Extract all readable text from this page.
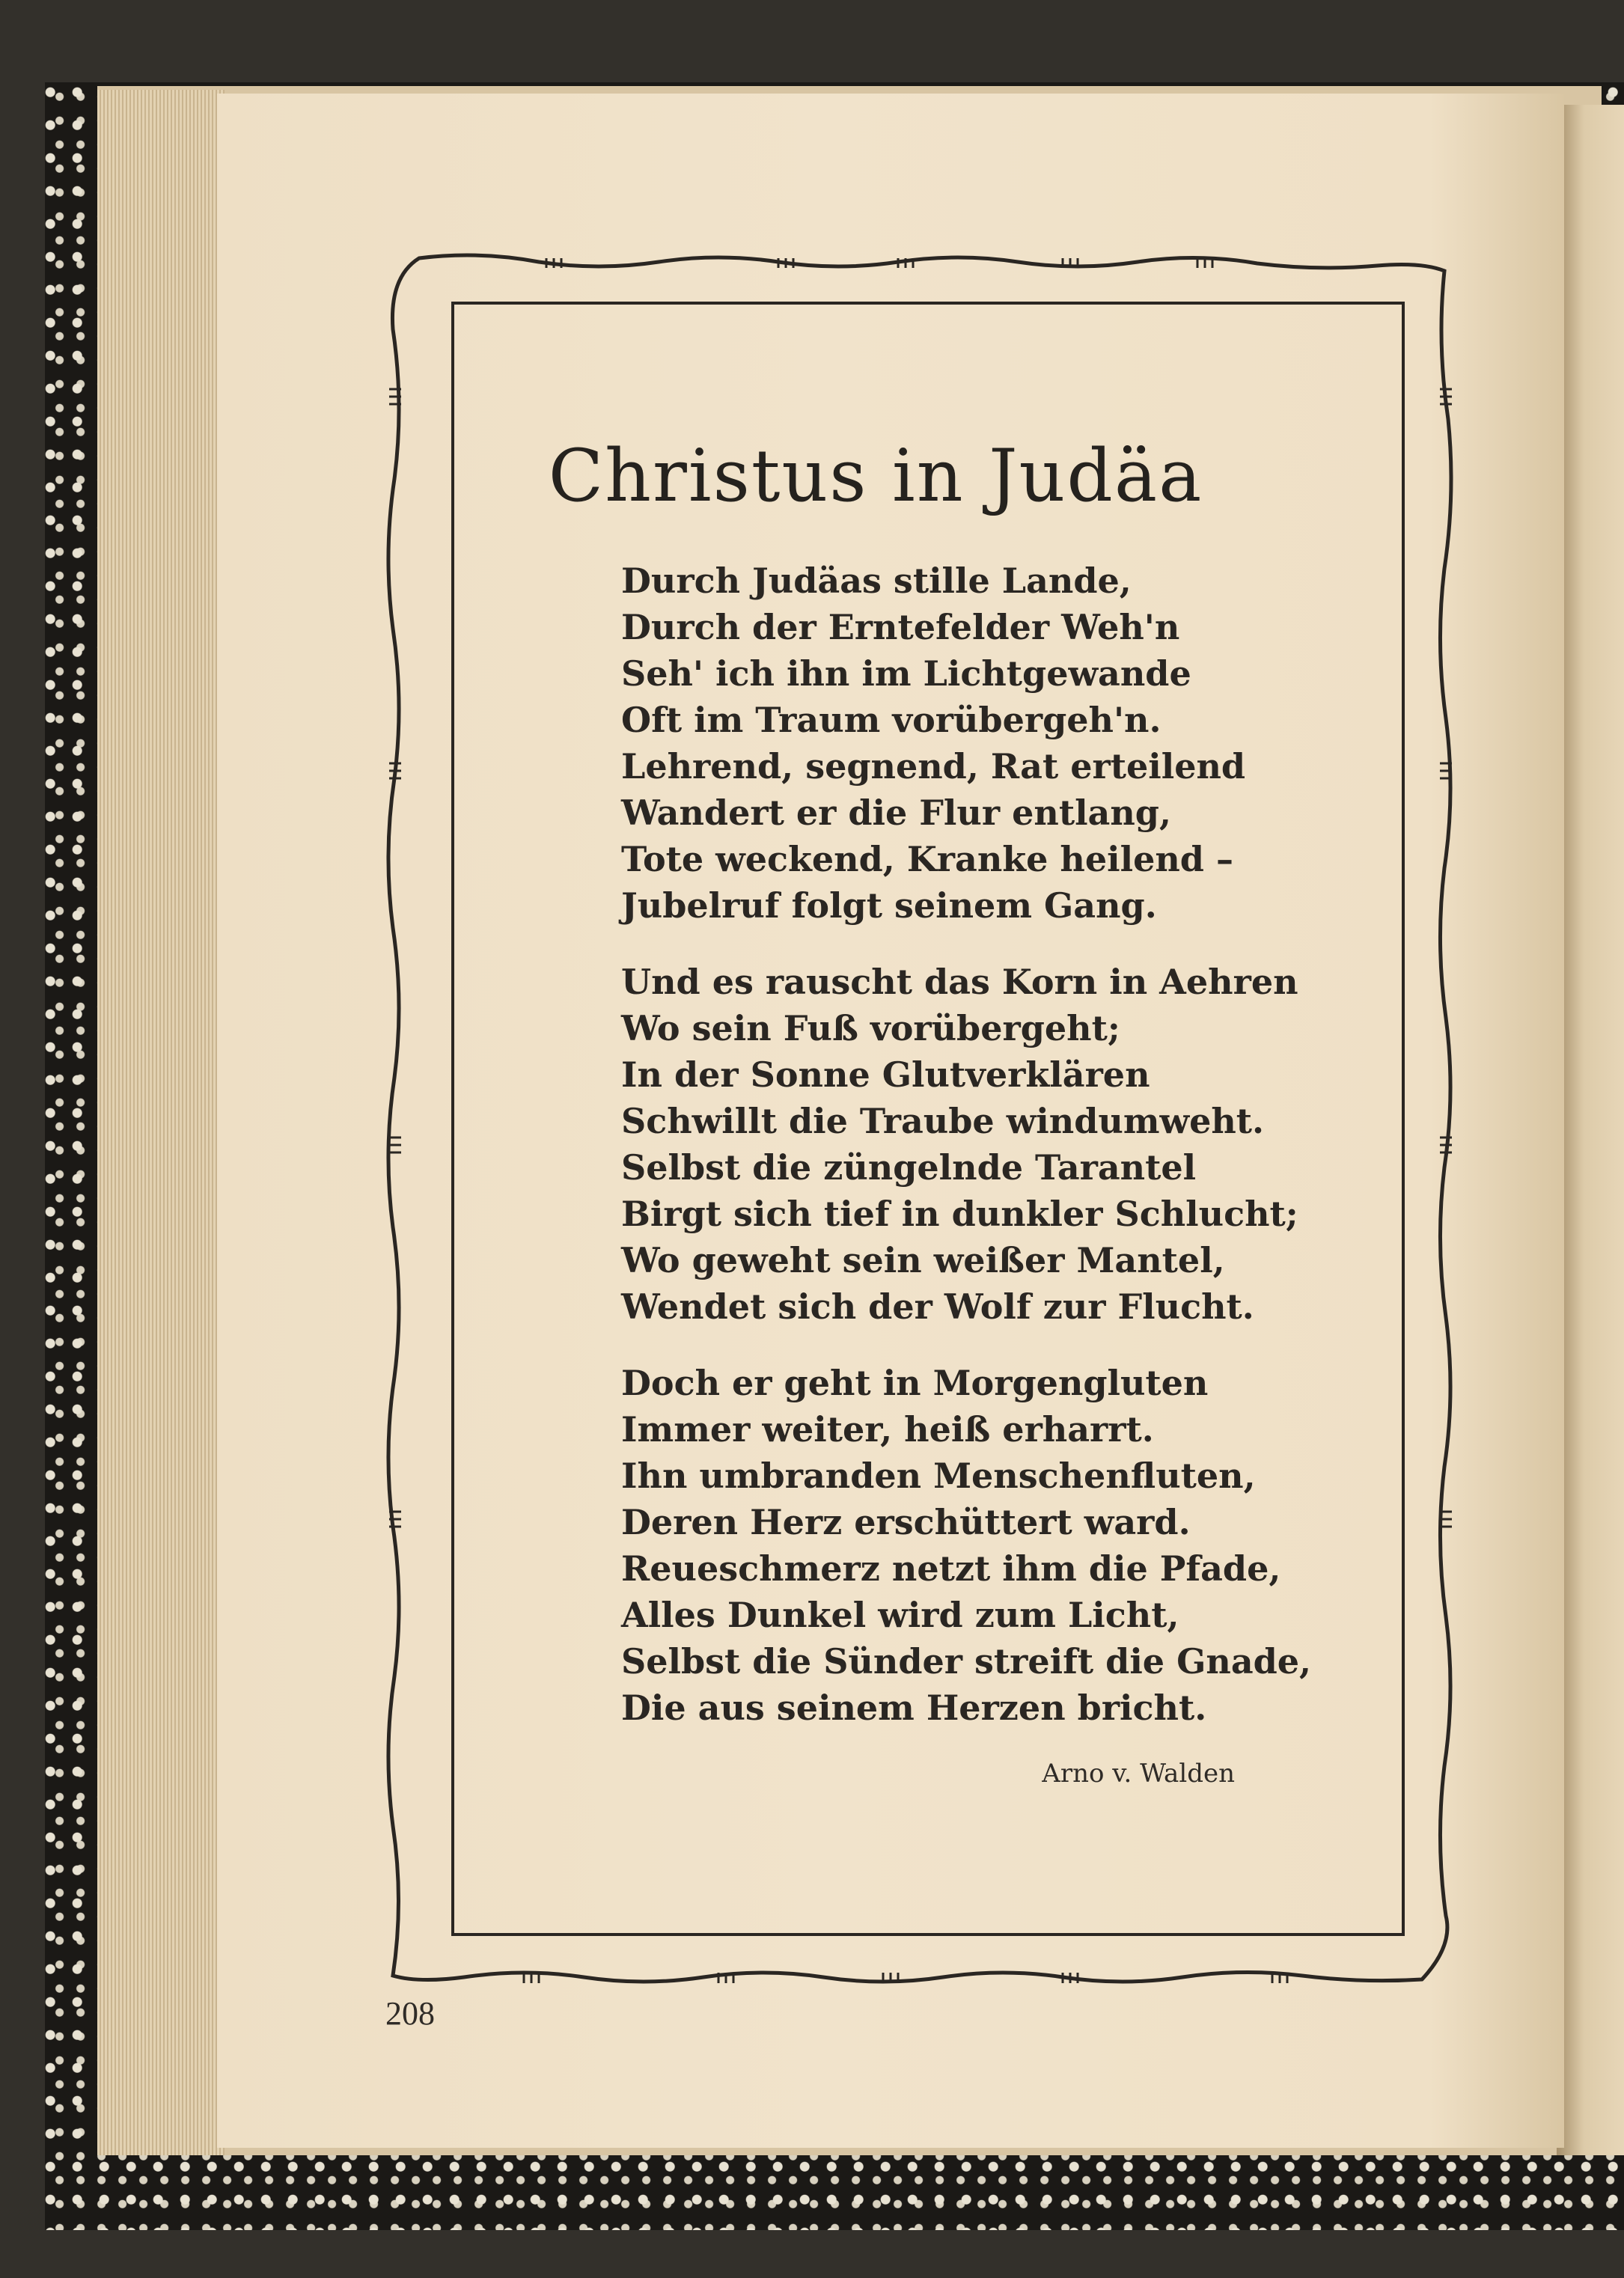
Christus in Judäa
Durch Judäas stille Lande,
Durch der Erntefelder Weh'n
Seh' ich ihn im Lichtgewande
Oft im Traum vorübergeh'n.
Lehrend, segnend, Rat erteilend
Wandert er die Flur entlang,
Tote weckend, Kranke heilend –
Jubelruf folgt seinem Gang.
Und es rauscht das Korn in Aehren
Wo sein Fuß vorübergeht;
In der Sonne Glutverklären
Schwillt die Traube windumweht.
Selbst die züngelnde Tarantel
Birgt sich tief in dunkler Schlucht;
Wo geweht sein weißer Mantel,
Wendet sich der Wolf zur Flucht.
Doch er geht in Morgengluten
Immer weiter, heiß erharrt.
Ihn umbranden Menschenfluten,
Deren Herz erschüttert ward.
Reueschmerz netzt ihm die Pfade,
Alles Dunkel wird zum Licht,
Selbst die Sünder streift die Gnade,
Die aus seinem Herzen bricht.
Arno v. Walden
208
